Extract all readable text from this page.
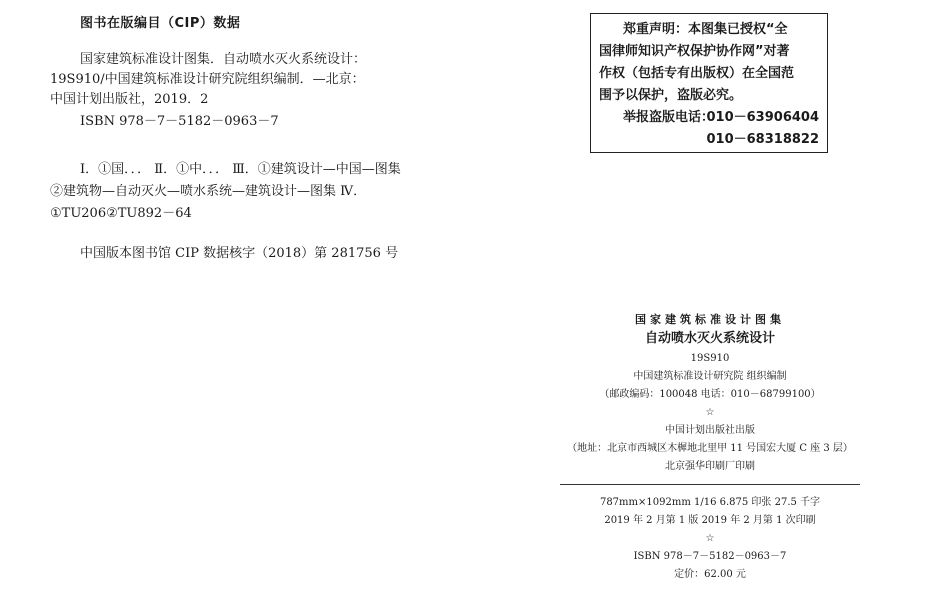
图书在版编目（CIP）数据
国家建筑标准设计图集．自动喷水灭火系统设计：
19S910/中国建筑标准设计研究院组织编制．—北京：
中国计划出版社，2019．2
ISBN 978－7－5182－0963－7
Ⅰ．①国．．． Ⅱ．①中．．． Ⅲ．①建筑设计—中国—图集
②建筑物—自动灭火—喷水系统—建筑设计—图集 Ⅳ．
①TU206②TU892－64
中国版本图书馆 CIP 数据核字（2018）第 281756 号
郑重声明：本图集已授权“全
国律师知识产权保护协作网”对著
作权（包括专有出版权）在全国范
围予以保护，盗版必究。
举报盗版电话：
010－63906404
010－68318822
国家建筑标准设计图集
自动喷水灭火系统设计
19S910
中国建筑标准设计研究院 组织编制
（邮政编码：100048 电话：010－68799100）
☆
中国计划出版社出版
（地址：北京市西城区木樨地北里甲 11 号国宏大厦 C 座 3 层）
北京强华印刷厂印刷
787mm×1092mm 1/16 6.875 印张 27.5 千字
2019 年 2 月第 1 版 2019 年 2 月第 1 次印刷
☆
ISBN 978－7－5182－0963－7
定价：62.00 元
